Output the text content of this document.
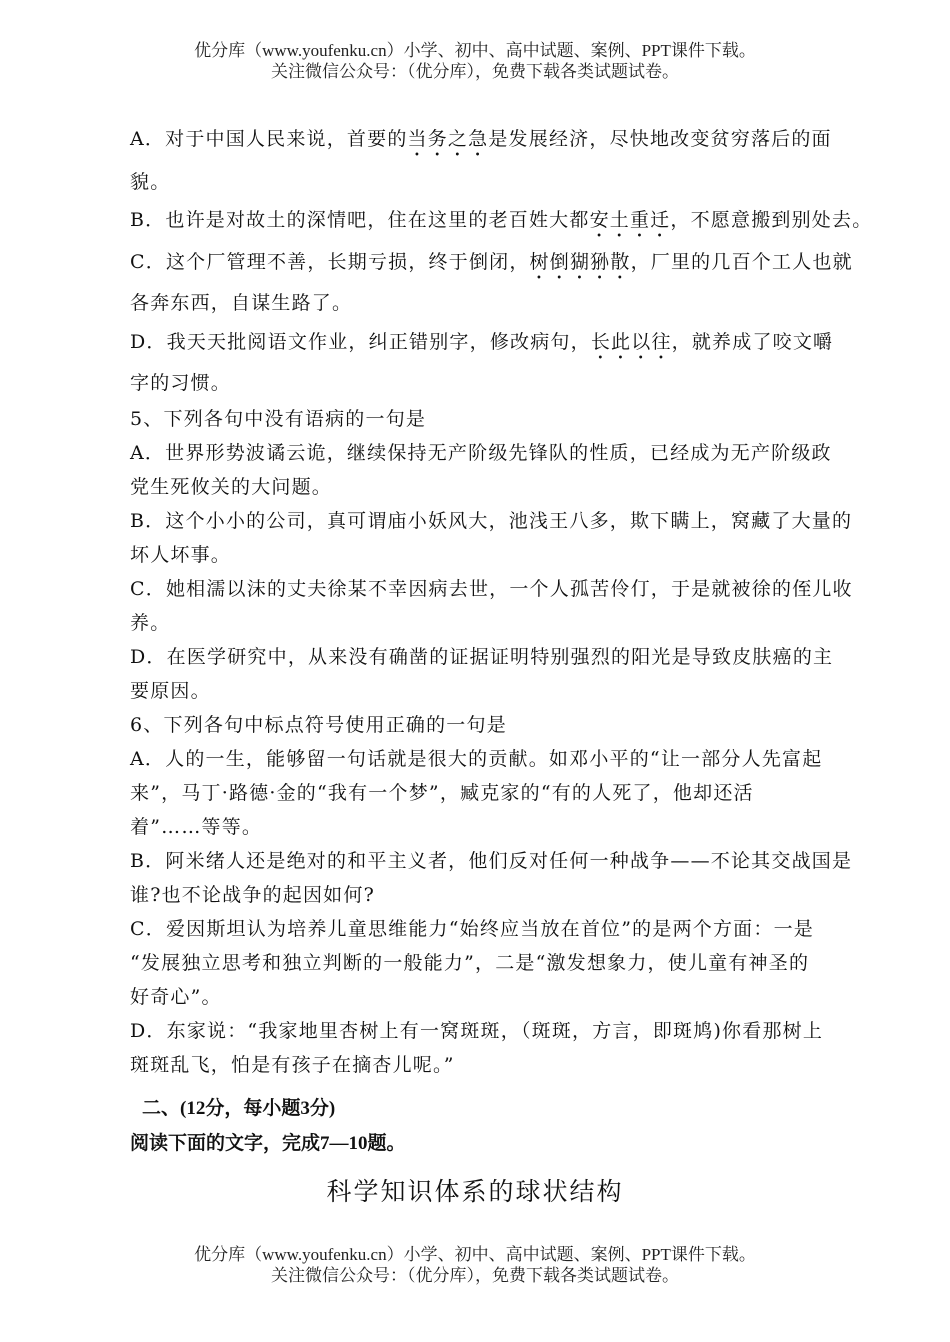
优分库（www.youfenku.cn）小学、初中、高中试题、案例、PPT课件下载。
关注微信公众号：（优分库），免费下载各类试题试卷。
A．对于中国人民来说，首要的当务之急是发展经济，尽快地改变贫穷落后的面
貌。
B．也许是对故土的深情吧，住在这里的老百姓大都安土重迁，不愿意搬到别处去。
C．这个厂管理不善，长期亏损，终于倒闭，树倒猢狲散，厂里的几百个工人也就
各奔东西，自谋生路了。
D．我天天批阅语文作业，纠正错别字，修改病句，长此以往，就养成了咬文嚼
字的习惯。
5、下列各句中没有语病的一句是
A．世界形势波谲云诡，继续保持无产阶级先锋队的性质，已经成为无产阶级政
党生死攸关的大问题。
B．这个小小的公司，真可谓庙小妖风大，池浅王八多，欺下瞒上，窝藏了大量的
坏人坏事。
C．她相濡以沫的丈夫徐某不幸因病去世，一个人孤苦伶仃，于是就被徐的侄儿收
养。
D．在医学研究中，从来没有确凿的证据证明特别强烈的阳光是导致皮肤癌的主
要原因。
6、下列各句中标点符号使用正确的一句是
A．人的一生，能够留一句话就是很大的贡献。如邓小平的“让一部分人先富起
来”，马丁·路德·金的“我有一个梦”，臧克家的“有的人死了，他却还活
着”……等等。
B．阿米绪人还是绝对的和平主义者，他们反对任何一种战争——不论其交战国是
谁?也不论战争的起因如何?
C．爱因斯坦认为培养儿童思维能力“始终应当放在首位”的是两个方面：一是
“发展独立思考和独立判断的一般能力”，二是“激发想象力，使儿童有神圣的
好奇心”。
D．东家说：“我家地里杏树上有一窝斑斑，（斑斑，方言，即斑鸠)你看那树上
斑斑乱飞，怕是有孩子在摘杏儿呢。”
二、(12分，每小题3分)
阅读下面的文字，完成7—10题。
科学知识体系的球状结构
优分库（www.youfenku.cn）小学、初中、高中试题、案例、PPT课件下载。
关注微信公众号：（优分库），免费下载各类试题试卷。
